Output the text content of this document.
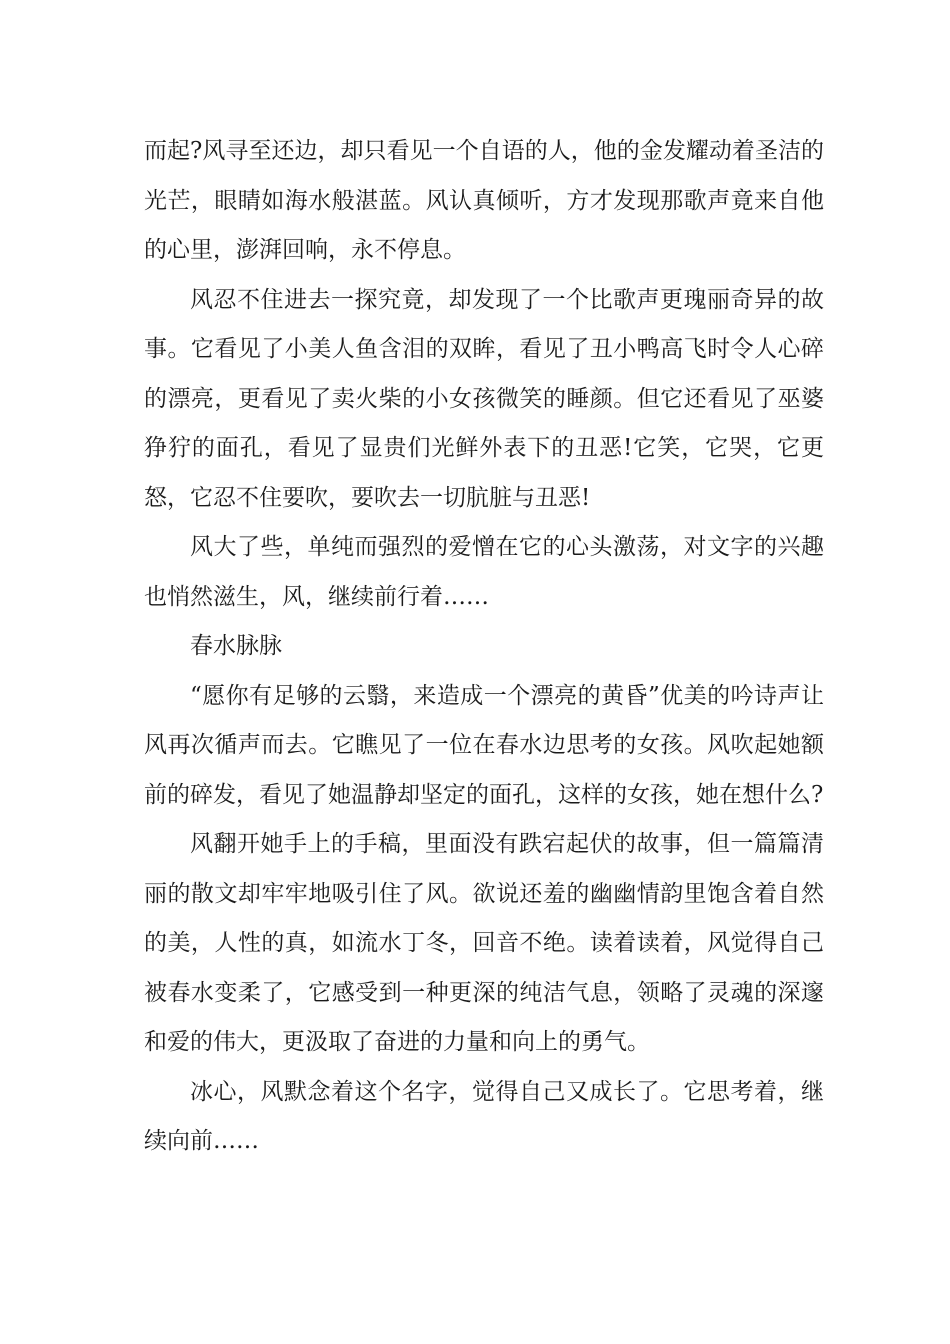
而起?风寻至还边，却只看见一个自语的人，他的金发耀动着圣洁的光芒，眼睛如海水般湛蓝。风认真倾听，方才发现那歌声竟来自他的心里，澎湃回响，永不停息。

风忍不住进去一探究竟，却发现了一个比歌声更瑰丽奇异的故事。它看见了小美人鱼含泪的双眸，看见了丑小鸭高飞时令人心碎的漂亮，更看见了卖火柴的小女孩微笑的睡颜。但它还看见了巫婆狰狞的面孔，看见了显贵们光鲜外表下的丑恶!它笑，它哭，它更怒，它忍不住要吹，要吹去一切肮脏与丑恶!

风大了些，单纯而强烈的爱憎在它的心头激荡，对文字的兴趣也悄然滋生，风，继续前行着……

春水脉脉

“愿你有足够的云翳，来造成一个漂亮的黄昏”优美的吟诗声让风再次循声而去。它瞧见了一位在春水边思考的女孩。风吹起她额前的碎发，看见了她温静却坚定的面孔，这样的女孩，她在想什么?

风翻开她手上的手稿，里面没有跌宕起伏的故事，但一篇篇清丽的散文却牢牢地吸引住了风。欲说还羞的幽幽情韵里饱含着自然的美，人性的真，如流水丁冬，回音不绝。读着读着，风觉得自己被春水变柔了，它感受到一种更深的纯洁气息，领略了灵魂的深邃和爱的伟大，更汲取了奋进的力量和向上的勇气。

冰心，风默念着这个名字，觉得自己又成长了。它思考着，继续向前……
